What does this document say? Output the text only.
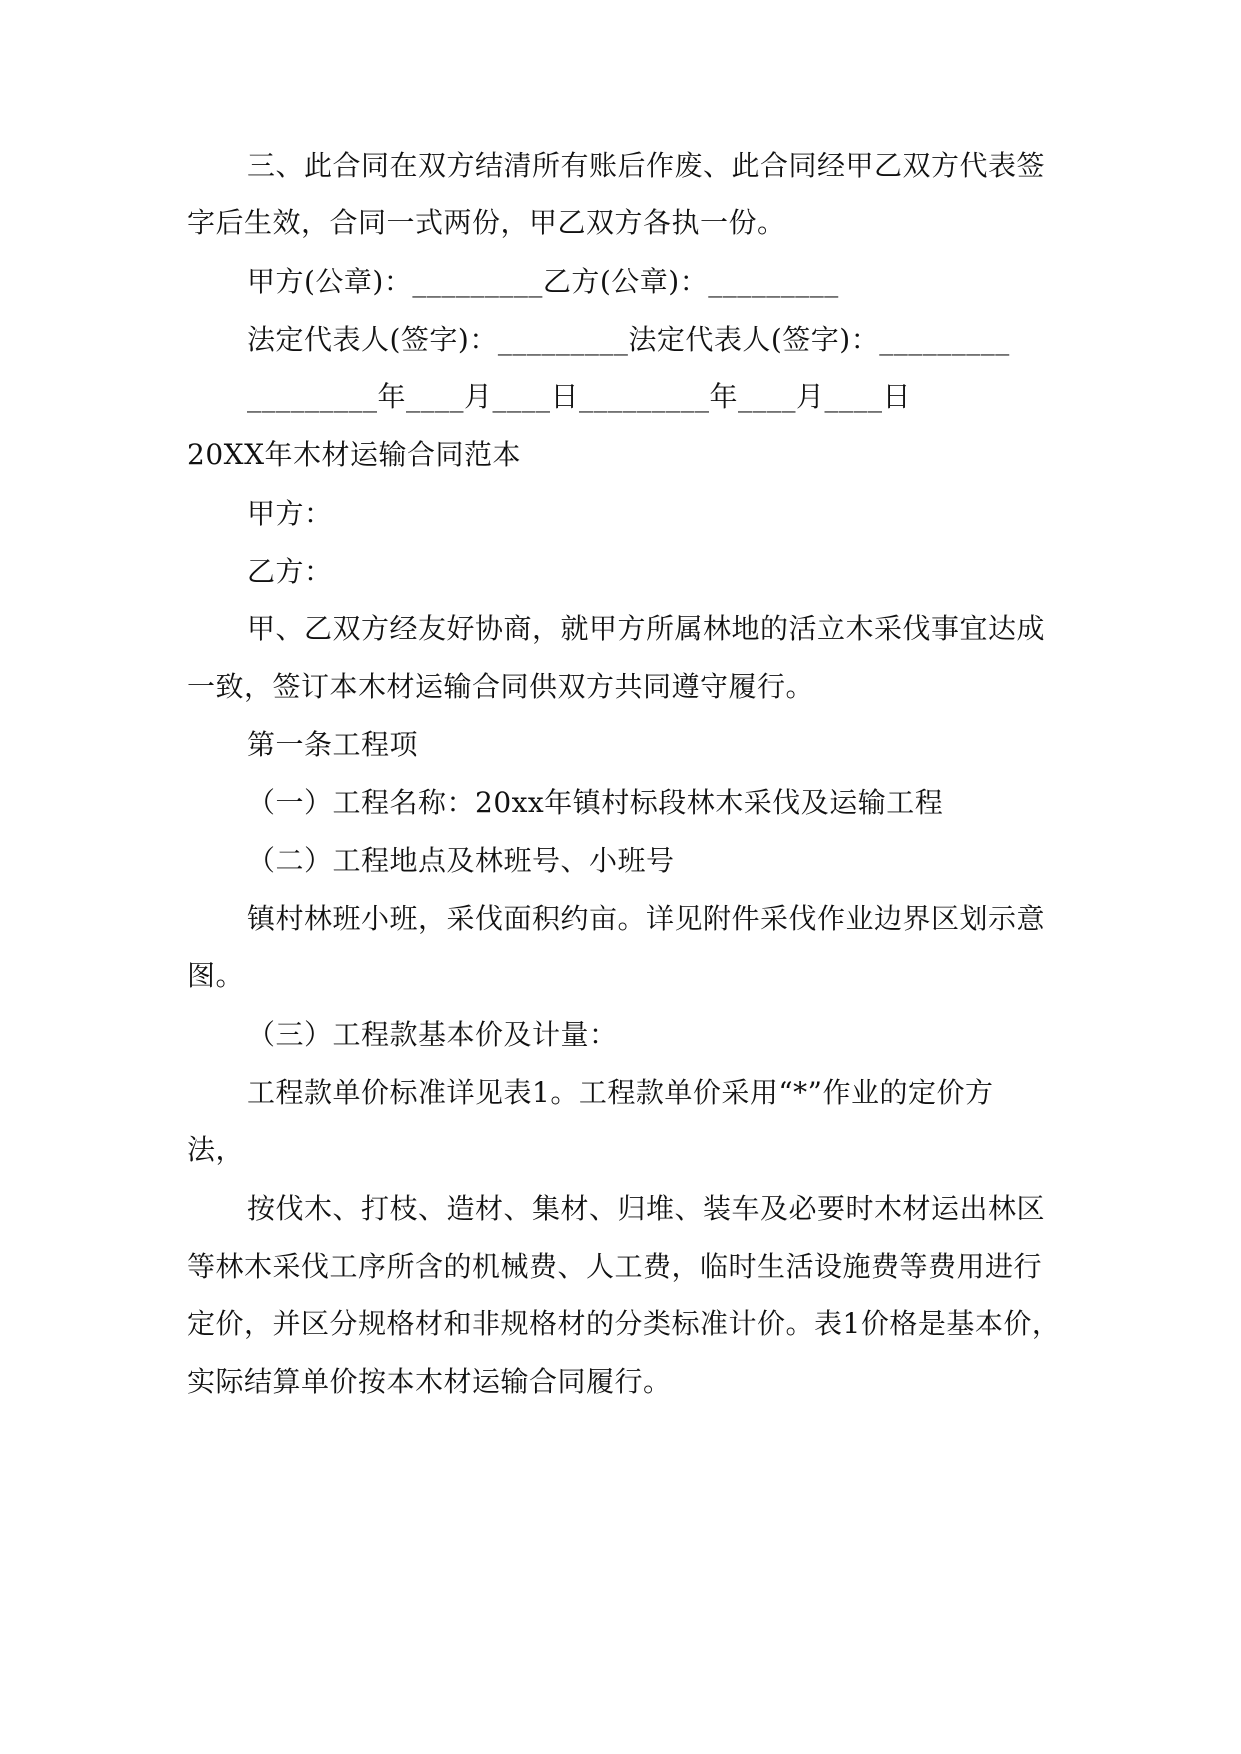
三、此合同在双方结清所有账后作废、此合同经甲乙双方代表签
字后生效，合同一式两份，甲乙双方各执一份。
甲方(公章)：_________乙方(公章)：_________
法定代表人(签字)：_________法定代表人(签字)：_________
_________年____月____日_________年____月____日
20XX年木材运输合同范本
甲方：
乙方：
甲、乙双方经友好协商，就甲方所属林地的活立木采伐事宜达成
一致，签订本木材运输合同供双方共同遵守履行。
第一条工程项
（一）工程名称：20xx年镇村标段林木采伐及运输工程
（二）工程地点及林班号、小班号
镇村林班小班，采伐面积约亩。详见附件采伐作业边界区划示意
图。
（三）工程款基本价及计量：
工程款单价标准详见表1。工程款单价采用“*”作业的定价方
法，
按伐木、打枝、造材、集材、归堆、装车及必要时木材运出林区
等林木采伐工序所含的机械费、人工费，临时生活设施费等费用进行
定价，并区分规格材和非规格材的分类标准计价。表1价格是基本价，
实际结算单价按本木材运输合同履行。
